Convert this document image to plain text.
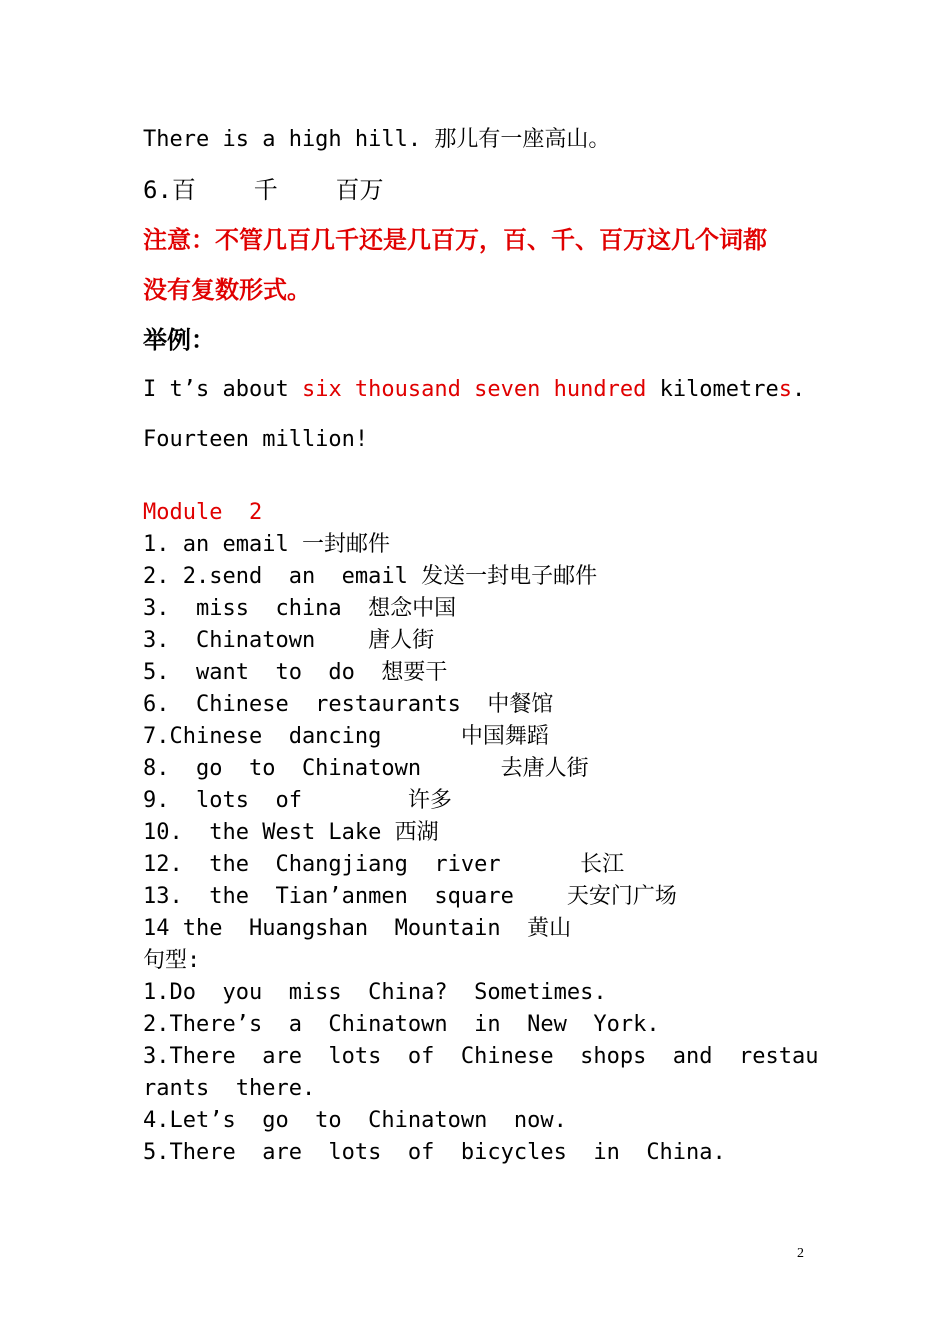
There is a high hill. 那儿有一座高山。

6.百    千    百万

注意：不管几百几千还是几百万，百、千、百万这几个词都

没有复数形式。

举例：

I t’s about six thousand seven hundred kilometres.

Fourteen million!

Module  2

1. an email 一封邮件

2. 2.send  an  email 发送一封电子邮件

3.  miss  china  想念中国

3.  Chinatown    唐人街

5.  want  to  do  想要干

6.  Chinese  restaurants  中餐馆

7.Chinese  dancing      中国舞蹈

8.  go  to  Chinatown      去唐人街

9.  lots  of        许多

10.  the West Lake 西湖

12.  the  Changjiang  river      长江

13.  the  Tian’anmen  square    天安门广场

14 the  Huangshan  Mountain  黄山

句型:

1.Do  you  miss  China?  Sometimes.

2.There’s  a  Chinatown  in  New  York.

3.There  are  lots  of  Chinese  shops  and  restau

rants  there.

4.Let’s  go  to  Chinatown  now.

5.There  are  lots  of  bicycles  in  China.

2
